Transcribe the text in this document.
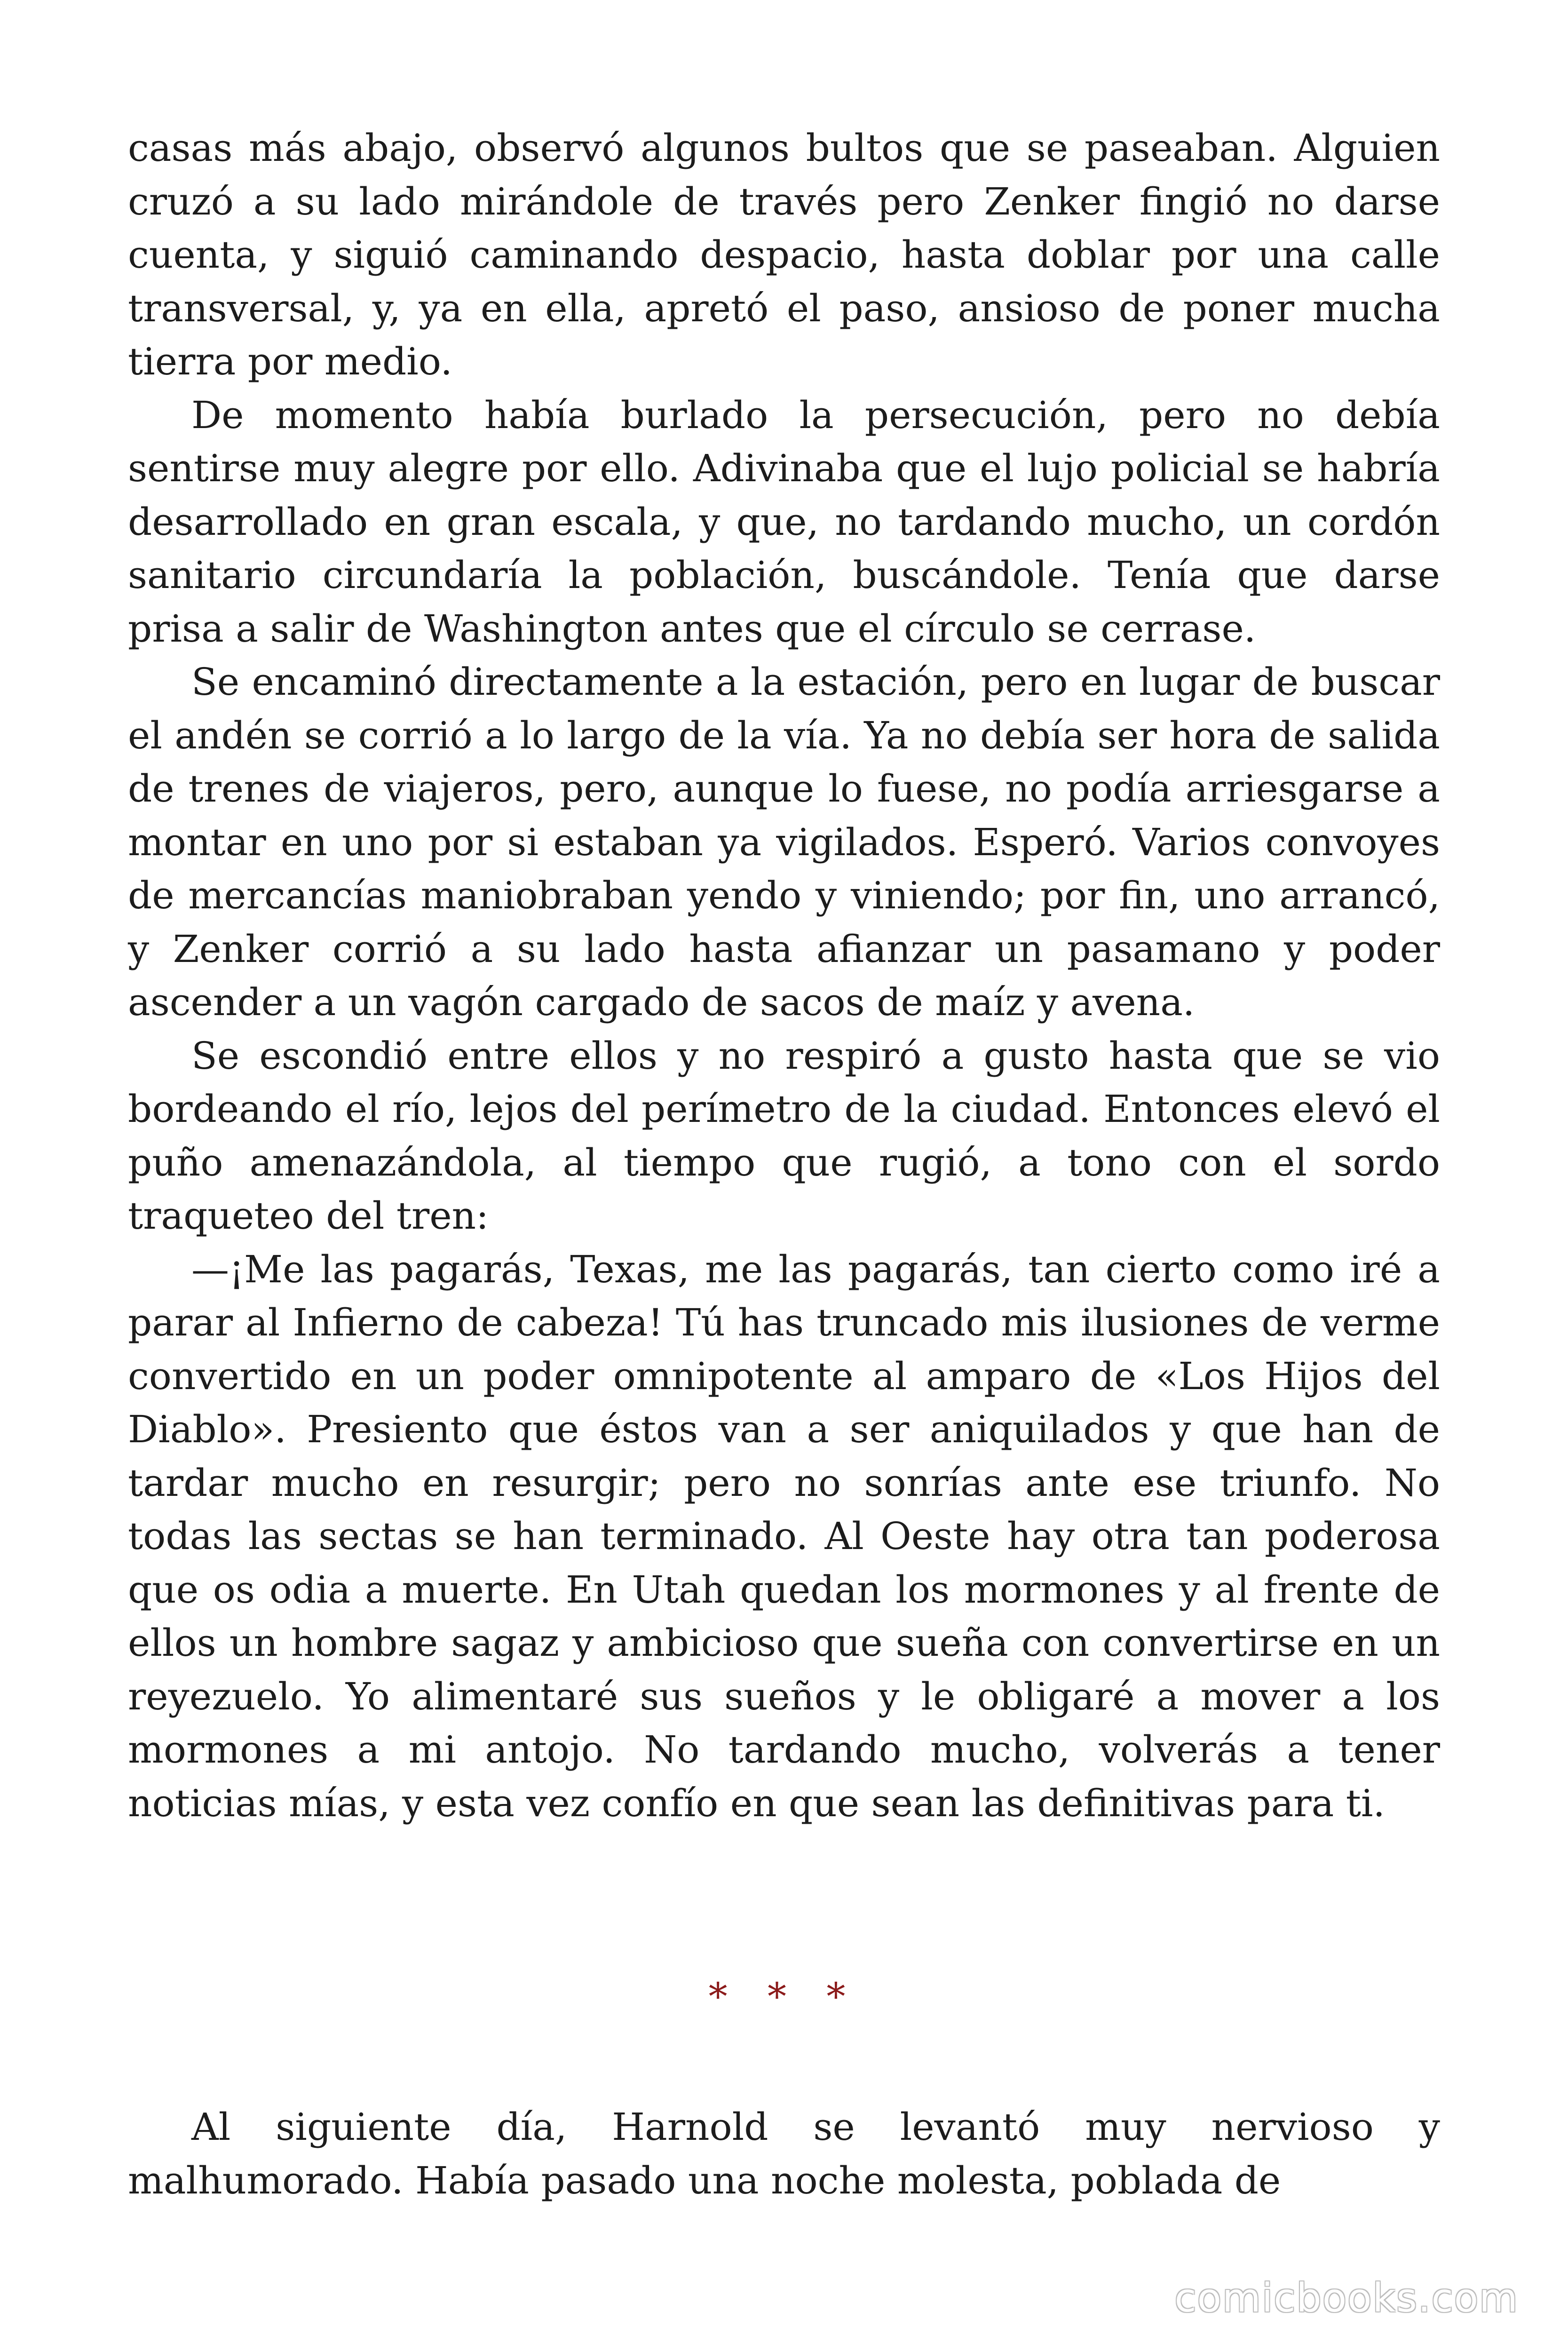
casas más abajo, observó algunos bultos que se paseaban. Alguien cruzó a su lado mirándole de través pero Zenker fingió no darse cuenta, y siguió caminando despacio, hasta doblar por una calle transversal, y, ya en ella, apretó el paso, ansioso de poner mucha tierra por medio.

De momento había burlado la persecución, pero no debía sentirse muy alegre por ello. Adivinaba que el lujo policial se habría desarrollado en gran escala, y que, no tardando mucho, un cordón sanitario circundaría la población, buscándole. Tenía que darse prisa a salir de Washington antes que el círculo se cerrase.

Se encaminó directamente a la estación, pero en lugar de buscar el andén se corrió a lo largo de la vía. Ya no debía ser hora de salida de trenes de viajeros, pero, aunque lo fuese, no podía arriesgarse a montar en uno por si estaban ya vigilados. Esperó. Varios convoyes de mercancías maniobraban yendo y viniendo; por fin, uno arrancó, y Zenker corrió a su lado hasta afianzar un pasamano y poder ascender a un vagón cargado de sacos de maíz y avena.

Se escondió entre ellos y no respiró a gusto hasta que se vio bordeando el río, lejos del perímetro de la ciudad. Entonces elevó el puño amenazándola, al tiempo que rugió, a tono con el sordo traqueteo del tren:

—¡Me las pagarás, Texas, me las pagarás, tan cierto como iré a parar al Infierno de cabeza! Tú has truncado mis ilusiones de verme convertido en un poder omnipotente al amparo de «Los Hijos del Diablo». Presiento que éstos van a ser aniquilados y que han de tardar mucho en resurgir; pero no sonrías ante ese triunfo. No todas las sectas se han terminado. Al Oeste hay otra tan poderosa que os odia a muerte. En Utah quedan los mormones y al frente de ellos un hombre sagaz y ambicioso que sueña con convertirse en un reyezuelo. Yo alimentaré sus sueños y le obligaré a mover a los mormones a mi antojo. No tardando mucho, volverás a tener noticias mías, y esta vez confío en que sean las definitivas para ti.

* * *

Al siguiente día, Harnold se levantó muy nervioso y malhumorado. Había pasado una noche molesta, poblada de

comicbooks.com
